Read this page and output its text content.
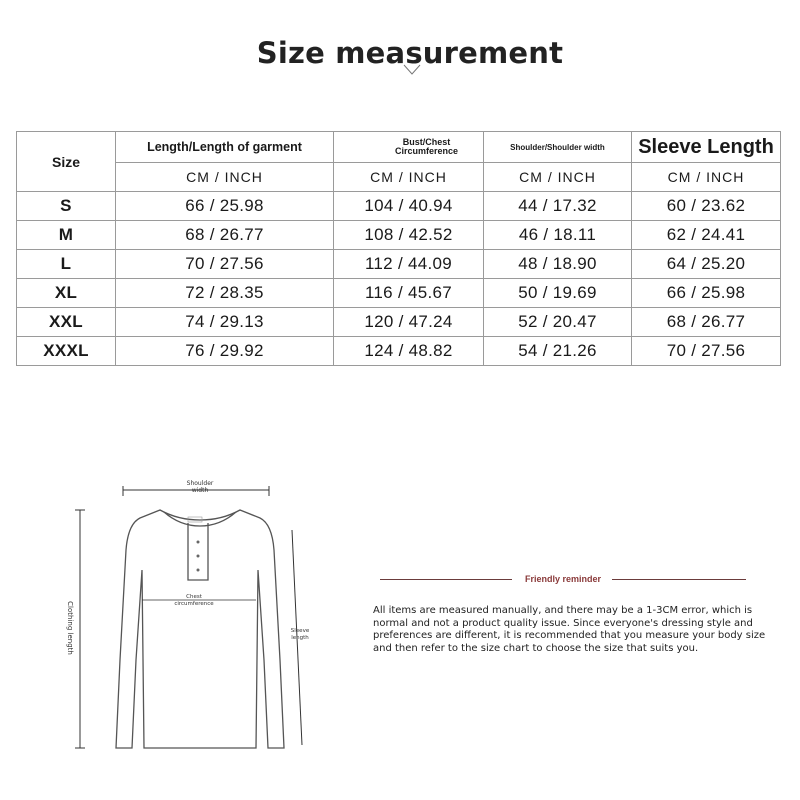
Size measurement
Size	Length/Length of garment	Bust/Chest Circumference	Shoulder/Shoulder width	Sleeve Length
	CM / INCH	CM / INCH	CM / INCH	CM / INCH
S	66 / 25.98	104 / 40.94	44 / 17.32	60 / 23.62
M	68 / 26.77	108 / 42.52	46 / 18.11	62 / 24.41
L	70 / 27.56	112 / 44.09	48 / 18.90	64 / 25.20
XL	72 / 28.35	116 / 45.67	50 / 19.69	66 / 25.98
XXL	74 / 29.13	120 / 47.24	52 / 20.47	68 / 26.77
XXXL	76 / 29.92	124 / 48.82	54 / 21.26	70 / 27.56
Shoulder
width
Chest
circumference
Clothing length	Sleeve
length
Friendly reminder
All items are measured manually, and there may be a 1-3CM error, which is normal and not a product quality issue. Since everyone's dressing style and preferences are different, it is recommended that you measure your body size and then refer to the size chart to choose the size that suits you.
